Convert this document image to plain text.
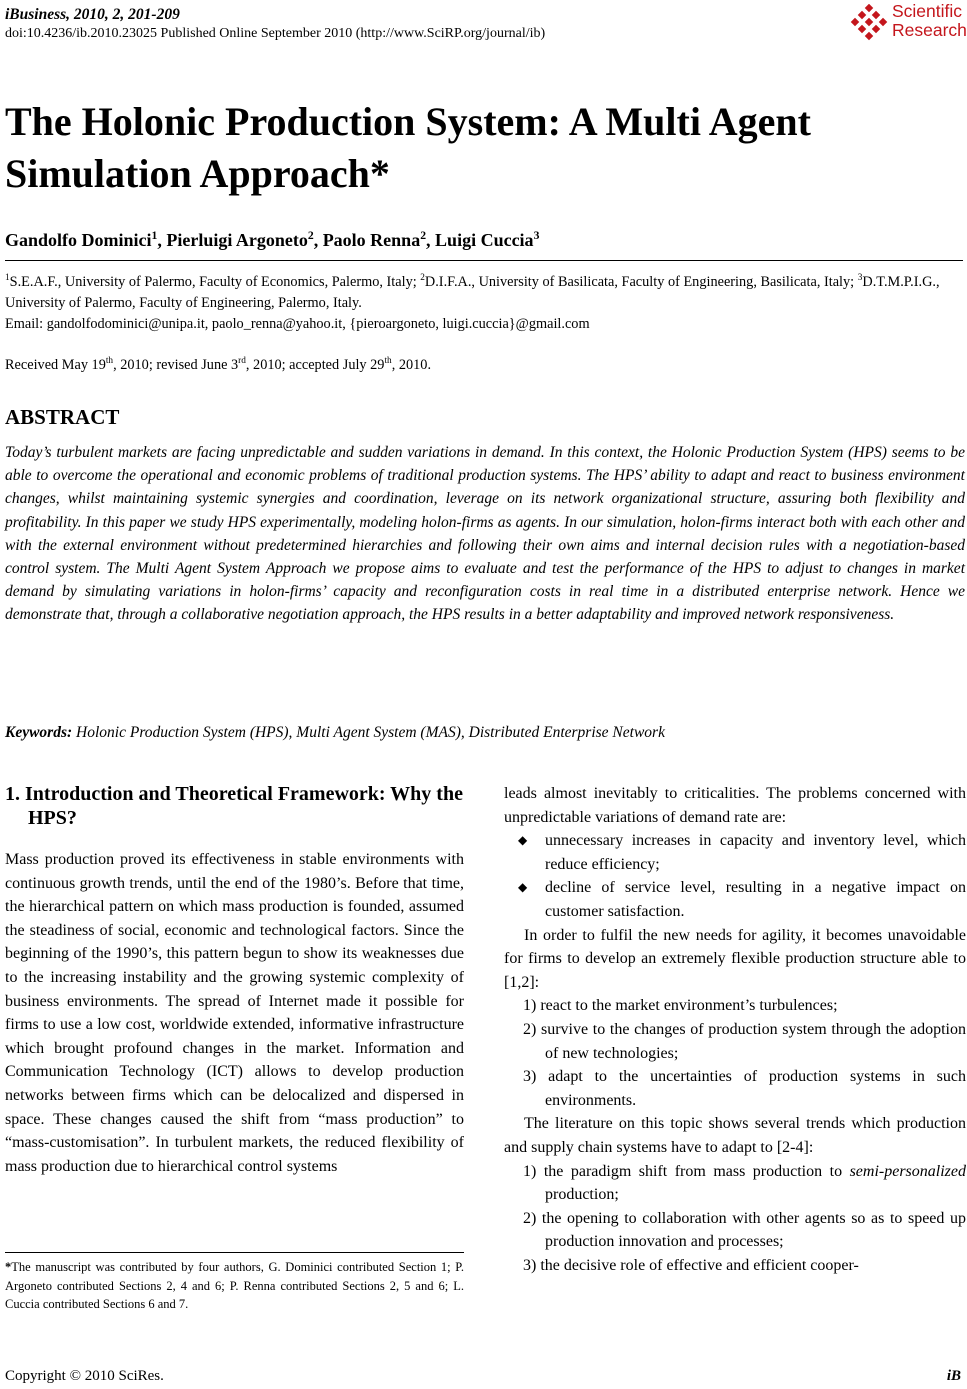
iBusiness, 2010, 2, 201-209
doi:10.4236/ib.2010.23025 Published Online September 2010 (http://www.SciRP.org/journal/ib)
Scientific
Research
The Holonic Production System: A Multi Agent Simulation Approach*
Gandolfo Dominici$^1$, Pierluigi Argoneto$^2$, Paolo Renna$^2$, Luigi Cuccia$^3$
$^1$S.E.A.F., University of Palermo, Faculty of Economics, Palermo, Italy; $^2$D.I.F.A., University of Basilicata, Faculty of Engineering, Basilicata, Italy; $^3$D.T.M.P.I.G., University of Palermo, Faculty of Engineering, Palermo, Italy.
Email: gandolfodominici@unipa.it, paolo_renna@yahoo.it, {pieroargoneto, luigi.cuccia}@gmail.com
Received May 19th, 2010; revised June 3rd, 2010; accepted July 29th, 2010.
ABSTRACT
Today’s turbulent markets are facing unpredictable and sudden variations in demand. In this context, the Holonic Production System (HPS) seems to be able to overcome the operational and economic problems of traditional production systems. The HPS’ ability to adapt and react to business environment changes, whilst maintaining systemic synergies and coordination, leverage on its network organizational structure, assuring both flexibility and profitability. In this paper we study HPS experimentally, modeling holon-firms as agents. In our simulation, holon-firms interact both with each other and with the external environment without predetermined hierarchies and following their own aims and internal decision rules with a negotiation-based control system. The Multi Agent System Approach we propose aims to evaluate and test the performance of the HPS to adjust to changes in market demand by simulating variations in holon-firms’ capacity and reconfiguration costs in real time in a distributed enterprise network. Hence we demonstrate that, through a collaborative negotiation approach, the HPS results in a better adaptability and improved network responsiveness.
Keywords: Holonic Production System (HPS), Multi Agent System (MAS), Distributed Enterprise Network
1. Introduction and Theoretical Framework: Why the HPS?

Mass production proved its effectiveness in stable environments with continuous growth trends, until the end of the 1980’s. Before that time, the hierarchical pattern on which mass production is founded, assumed the steadiness of social, economic and technological factors. Since the beginning of the 1990’s, this pattern begun to show its weaknesses due to the increasing instability and the growing systemic complexity of business environments. The spread of Internet made it possible for firms to use a low cost, worldwide extended, informative infrastructure which brought profound changes in the market. Information and Communication Technology (ICT) allows to develop production networks between firms which can be delocalized and dispersed in space. These changes caused the shift from “mass production” to “mass-customisation”. In turbulent markets, the reduced flexibility of mass production due to hierarchical control systems

leads almost inevitably to criticalities. The problems concerned with unpredictable variations of demand rate are:

◆ unnecessary increases in capacity and inventory level, which reduce efficiency;
◆ decline of service level, resulting in a negative impact on customer satisfaction.

In order to fulfil the new needs for agility, it becomes unavoidable for firms to develop an extremely flexible production structure able to [1,2]:

1) react to the market environment’s turbulences;
2) survive to the changes of production system through the adoption of new technologies;
3) adapt to the uncertainties of production systems in such environments.

The literature on this topic shows several trends which production and supply chain systems have to adapt to [2-4]:

1) the paradigm shift from mass production to semi-personalized production;
2) the opening to collaboration with other agents so as to speed up production innovation and processes;
3) the decisive role of effective and efficient cooper-
*The manuscript was contributed by four authors, G. Dominici contributed Section 1; P. Argoneto contributed Sections 2, 4 and 6; P. Renna contributed Sections 2, 5 and 6; L. Cuccia contributed Sections 6 and 7.
Copyright © 2010 SciRes.	iB
